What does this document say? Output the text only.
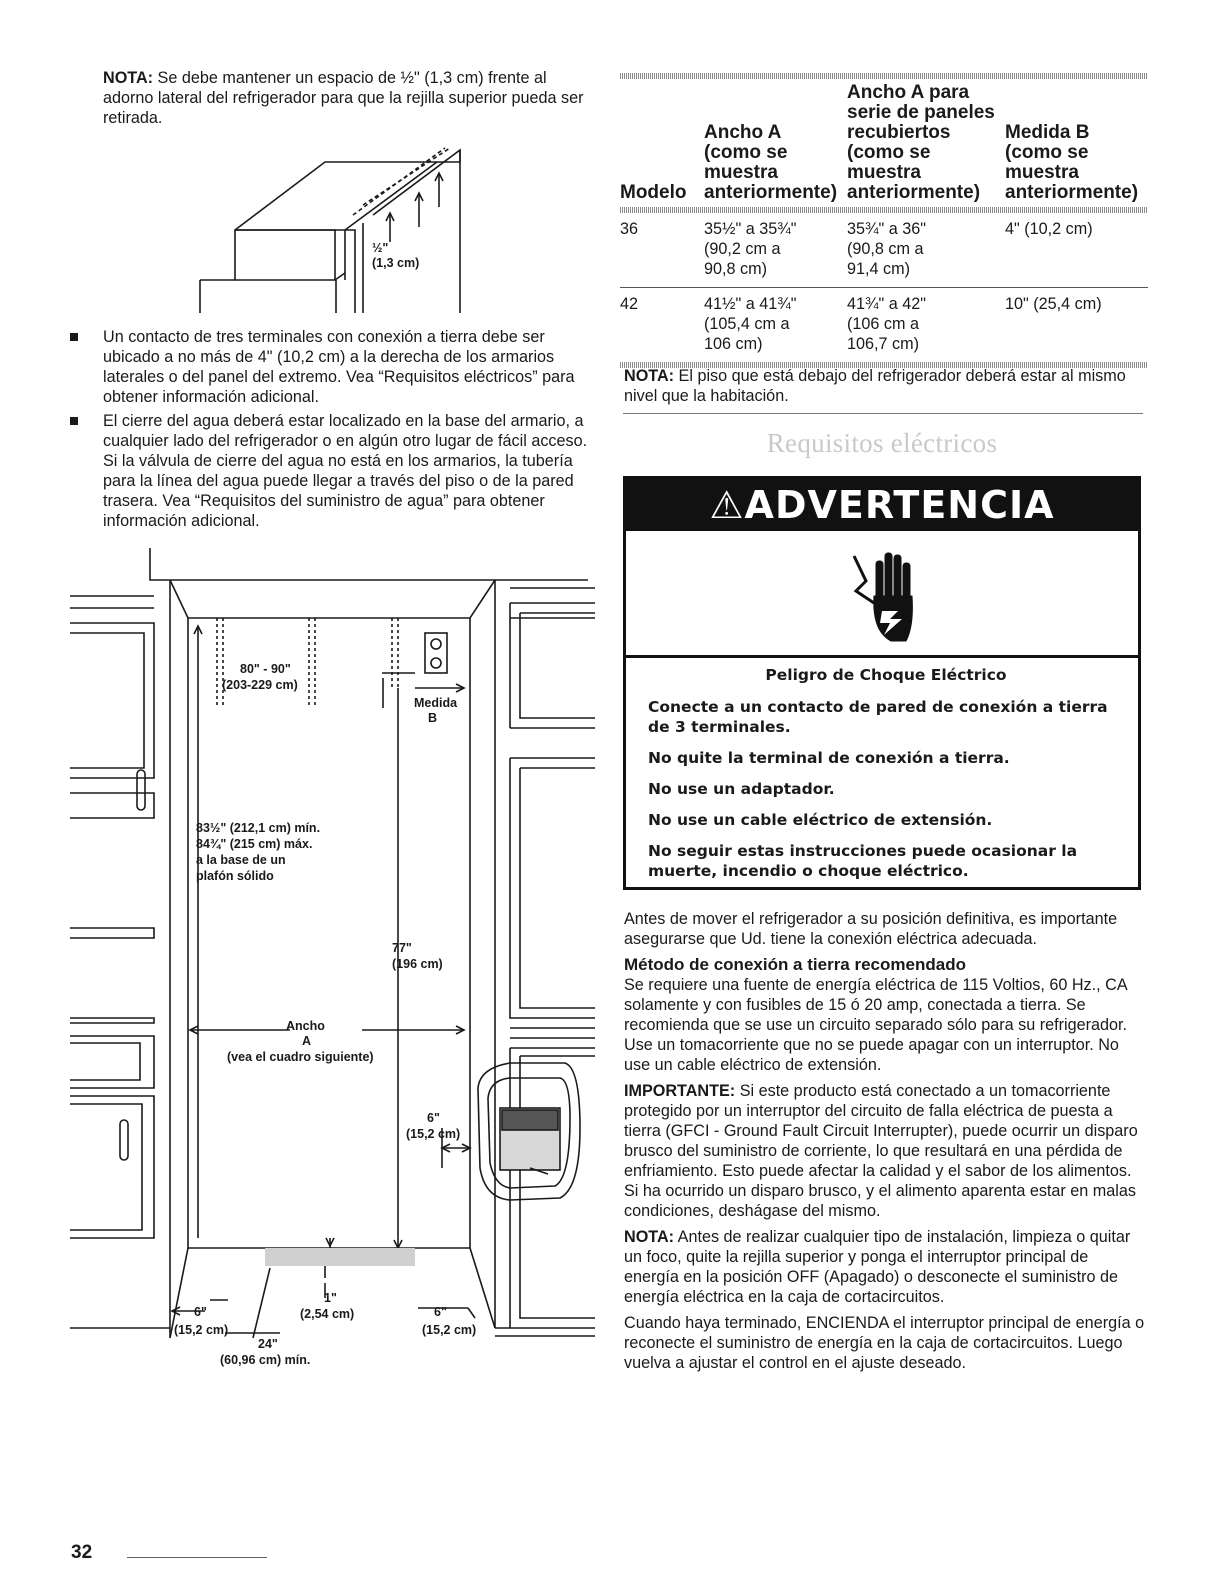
NOTA: Se debe mantener un espacio de ½" (1,3 cm) frente al adorno lateral del refrigerador para que la rejilla superior pueda ser retirada.
½"
(1,3 cm)
Un contacto de tres terminales con conexión a tierra debe ser ubicado a no más de 4" (10,2 cm) a la derecha de los armarios laterales o del panel del extremo. Vea “Requisitos eléctricos” para obtener información adicional.
El cierre del agua deberá estar localizado en la base del armario, a cualquier lado del refrigerador o en algún otro lugar de fácil acceso. Si la válvula de cierre del agua no está en los armarios, la tubería para la línea del agua puede llegar a través del piso o de la pared trasera. Vea “Requisitos del suministro de agua” para obtener información adicional.
80" - 90"
(203-229 cm)
Medida
B
83½" (212,1 cm) mín.
84¾" (215 cm) máx.
a la base de un
plafón sólido
77"
(196 cm)
Ancho
A
(vea el cuadro siguiente)
6"
(15,2 cm)
6"
(15,2 cm)
6"
(15,2 cm)
1"
(2,54 cm)
24"
(60,96 cm) mín.
Modelo
Ancho A
(como se
muestra
anteriormente)
Ancho A para
serie de paneles
recubiertos
(como se
muestra
anteriormente)
Medida B
(como se
muestra
anteriormente)
36	35½" a 35¾"
(90,2 cm a
90,8 cm)
35¾" a 36"
(90,8 cm a
91,4 cm)
4" (10,2 cm)
42	41½" a 41¾"
(105,4 cm a
106 cm)
41¾" a 42"
(106 cm a
106,7 cm)
10" (25,4 cm)
NOTA: El piso que está debajo del refrigerador deberá estar al mismo nivel que la habitación.
Requisitos eléctricos
⚠ADVERTENCIA

Peligro de Choque Eléctrico

Conecte a un contacto de pared de conexión a tierra de 3 terminales.

No quite la terminal de conexión a tierra.

No use un adaptador.

No use un cable eléctrico de extensión.

No seguir estas instrucciones puede ocasionar la muerte, incendio o choque eléctrico.

Antes de mover el refrigerador a su posición definitiva, es importante asegurarse que Ud. tiene la conexión eléctrica adecuada.

Método de conexión a tierra recomendado

Se requiere una fuente de energía eléctrica de 115 Voltios, 60 Hz., CA solamente y con fusibles de 15 ó 20 amp, conectada a tierra. Se recomienda que se use un circuito separado sólo para su refrigerador. Use un tomacorriente que no se puede apagar con un interruptor. No use un cable eléctrico de extensión.

IMPORTANTE: Si este producto está conectado a un tomacorriente protegido por un interruptor del circuito de falla eléctrica de puesta a tierra (GFCI - Ground Fault Circuit Interrupter), puede ocurrir un disparo brusco del suministro de corriente, lo que resultará en una pérdida de enfriamiento. Esto puede afectar la calidad y el sabor de los alimentos. Si ha ocurrido un disparo brusco, y el alimento aparenta estar en malas condiciones, deshágase del mismo.

NOTA: Antes de realizar cualquier tipo de instalación, limpieza o quitar un foco, quite la rejilla superior y ponga el interruptor principal de energía en la posición OFF (Apagado) o desconecte el suministro de energía eléctrica en la caja de cortacircuitos.

Cuando haya terminado, ENCIENDA el interruptor principal de energía o reconecte el suministro de energía en la caja de cortacircuitos. Luego vuelva a ajustar el control en el ajuste deseado.

32
